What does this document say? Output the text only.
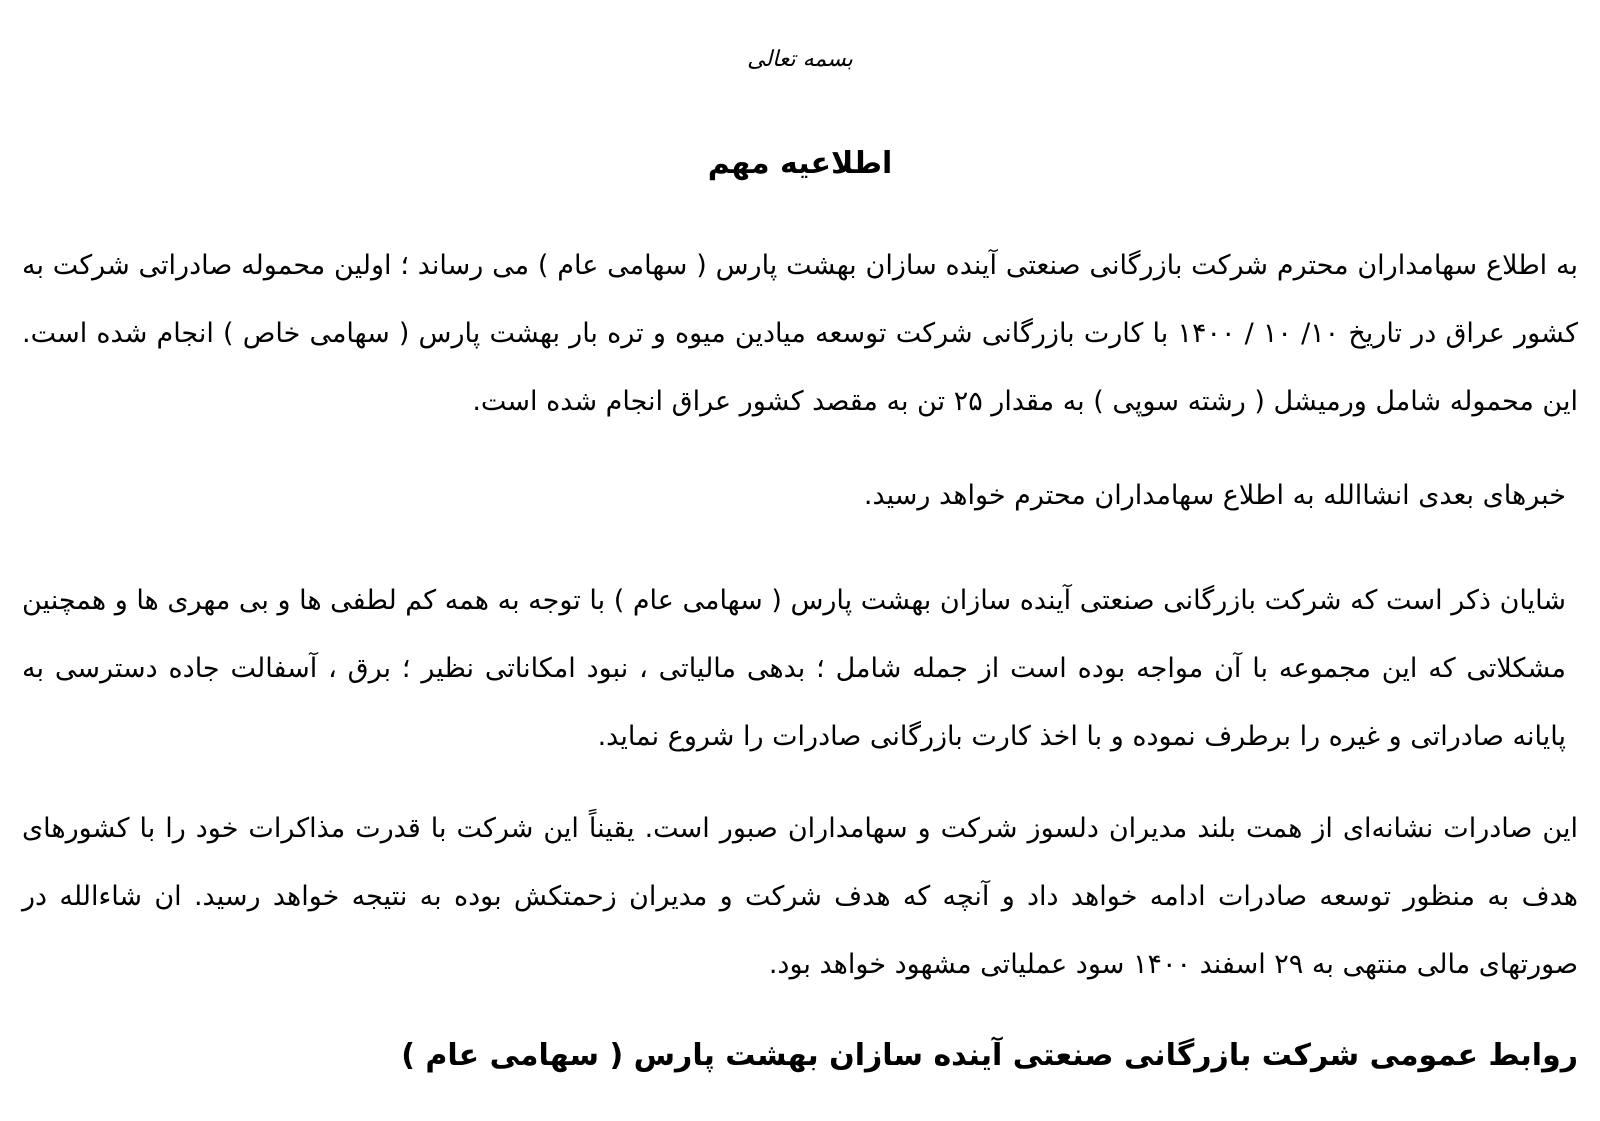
بسمه تعالی
اطلاعیه مهم

به اطلاع سهامداران محترم شرکت بازرگانی صنعتی آینده سازان بهشت پارس ( سهامی عام ) می رساند ؛ اولین محموله صادراتی شرکت به کشور عراق در تاریخ ۱۰/ ۱۰ / ۱۴۰۰ با کارت بازرگانی شرکت توسعه میادین میوه و تره بار بهشت پارس ( سهامی خاص ) انجام شده است. این محموله شامل ورمیشل ( رشته سوپی ) به مقدار ۲۵ تن به مقصد کشور عراق انجام شده است.

خبرهای بعدی انشاالله به اطلاع سهامداران محترم خواهد رسید.

شایان ذکر است که شرکت بازرگانی صنعتی آینده سازان بهشت پارس ( سهامی عام ) با توجه به همه کم لطفی ها و بی مهری ها و همچنین مشکلاتی که این مجموعه با آن مواجه بوده است از جمله شامل ؛ بدهی مالیاتی ، نبود امکاناتی نظیر ؛ برق ، آسفالت جاده دسترسی به پایانه صادراتی و غیره را برطرف نموده و با اخذ کارت بازرگانی صادرات را شروع نماید.

این صادرات نشانه‌ای از همت بلند مدیران دلسوز شرکت و سهامداران صبور است. یقیناً این شرکت با قدرت مذاکرات خود را با کشورهای هدف به منظور توسعه صادرات ادامه خواهد داد و آنچه که هدف شرکت و مدیران زحمتکش بوده به نتیجه خواهد رسید. ان شاءالله در صورتهای مالی منتهی به ۲۹ اسفند ۱۴۰۰ سود عملیاتی مشهود خواهد بود.

روابط عمومی شرکت بازرگانی صنعتی آینده سازان بهشت پارس ( سهامی عام )
